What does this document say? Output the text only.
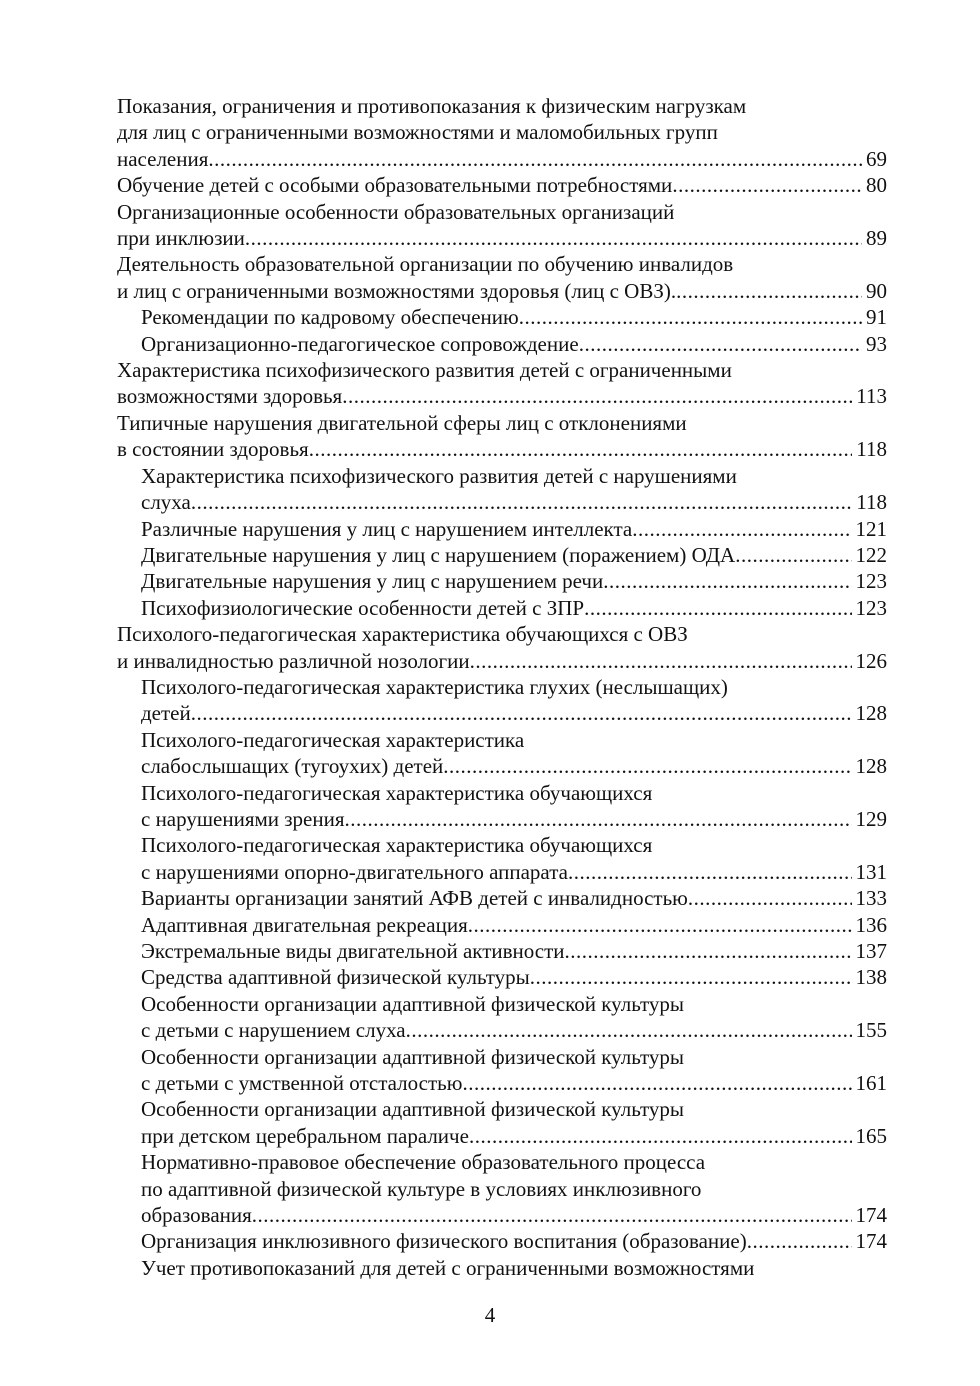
Показания, ограничения и противопоказания к физическим нагрузкам
для лиц с ограниченными возможностями и маломобильных групп
населения .....	69
Обучение детей с особыми образовательными потребностями .....	80
Организационные особенности образовательных организаций
при инклюзии .....	89
Деятельность образовательной организации по обучению инвалидов
и лиц с ограниченными возможностями здоровья (лиц с ОВЗ). .....	90
Рекомендации по кадровому обеспечению .....	91
Организационно-педагогическое сопровождение .....	93
Характеристика психофизического развития детей с ограниченными
возможностями здоровья .....	113
Типичные нарушения двигательной сферы лиц с отклонениями
в состоянии здоровья .....	118
Характеристика психофизического развития детей с нарушениями
слуха .....	118
Различные нарушения у лиц с нарушением интеллекта .....	121
Двигательные нарушения у лиц с нарушением (поражением) ОДА .....	122
Двигательные нарушения у лиц с нарушением речи .....	123
Психофизиологические особенности детей с ЗПР .....	123
Психолого-педагогическая характеристика обучающихся с ОВЗ
и инвалидностью различной нозологии .....	126
Психолого-педагогическая характеристика глухих (неслышащих)
детей .....	128
Психолого-педагогическая характеристика
слабослышащих (тугоухих) детей .....	128
Психолого-педагогическая характеристика обучающихся
с нарушениями зрения .....	129
Психолого-педагогическая характеристика обучающихся
с нарушениями опорно-двигательного аппарата .....	131
Варианты организации занятий АФВ детей с инвалидностью .....	133
Адаптивная двигательная рекреация .....	136
Экстремальные виды двигательной активности .....	137
Средства адаптивной физической культуры .....	138
Особенности организации адаптивной физической культуры
с детьми с нарушением слуха .....	155
Особенности организации адаптивной физической культуры
с детьми с умственной отсталостью .....	161
Особенности организации адаптивной физической культуры
при детском церебральном параличе .....	165
Нормативно-правовое обеспечение образовательного процесса
по адаптивной физической культуре в условиях инклюзивного
образования .....	174
Организация инклюзивного физического воспитания (образование) .....	174
Учет противопоказаний для детей с ограниченными возможностями
4
